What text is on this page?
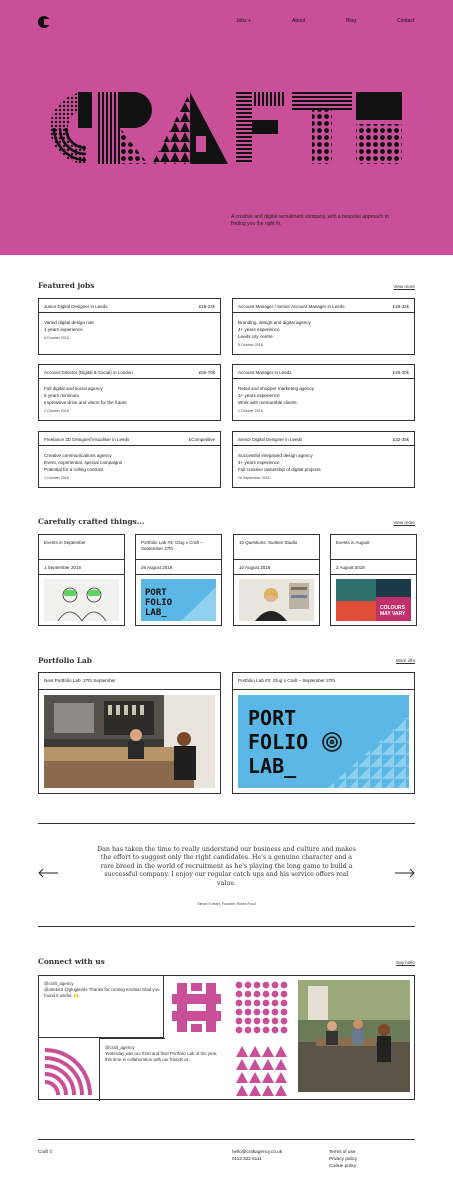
Jobs +	About	Blog	Contact

A creative and digital recruitment company, with a bespoke approach to finding you the right fit.

Featured jobs	View more
Junior Digital Designer in Leeds	£18-24k
Varied digital design role
1 years experience
8 October 2018
Account Manager / Senior Account Manager in Leeds	£28-32k
Branding, design and digital agency
4+ years experience
Leeds city centre
5 October 2018
Account Director (Digital & Social) in London	£55-70k
Full digital and social agency
5 years minimum
Impressive drive and vision for the future
2 October 2018
Account Manager in Leeds	£25-30k
Retail and shopper marketing agency
3+ years experience
Work with memorable clients
2 October 2018
Freelance 3D Designer/Visualiser in Leeds	£Competitive
Creative communications agency
Event, experiential, special campaigns
Potential for a rolling contract
1 October 2018
Senior Digital Designer in Leeds	£32-35k
Successful integrated design agency
4+ years experience
Full creative ownership of digital projects
28 September 2018
Carefully crafted things...	View more
Events in September
1 September 2018
Portfolio Lab #3: Glug x Craft – September 27th
26 August 2018
PORT
FOLIO
LAB_
10 Questions: Sunken Studio
10 August 2018
Events in August
2 August 2018
COLOURS
MAY VARY
Portfolio Lab	More info
Next Portfolio Lab: 27th September	Portfolio Lab #3: Glug x Craft – September 27th
PORT
FOLIO
LAB_

Dan has taken the time to really understand our business and culture and makes the effort to suggest only the right candidates. He's a genuine character and a rare breed in the world of recruitment as he's playing the long game to build a successful company. I enjoy our regular catch ups and his service offers real value.

Simon Forster, Founder, Robot Food

Connect with us	Say hello
@craft_agency
@urlebird @glugleeds Thanks for coming Keshia! Glad you found it useful. 🙌
@craft_agency
Yesterday was our third and final Portfolio Lab of the year, this time in collaboration with our friends at...
Craft ©	hello@craftagency.co.uk
0113 322 6111
Terms of use
Privacy policy
Cookie policy
